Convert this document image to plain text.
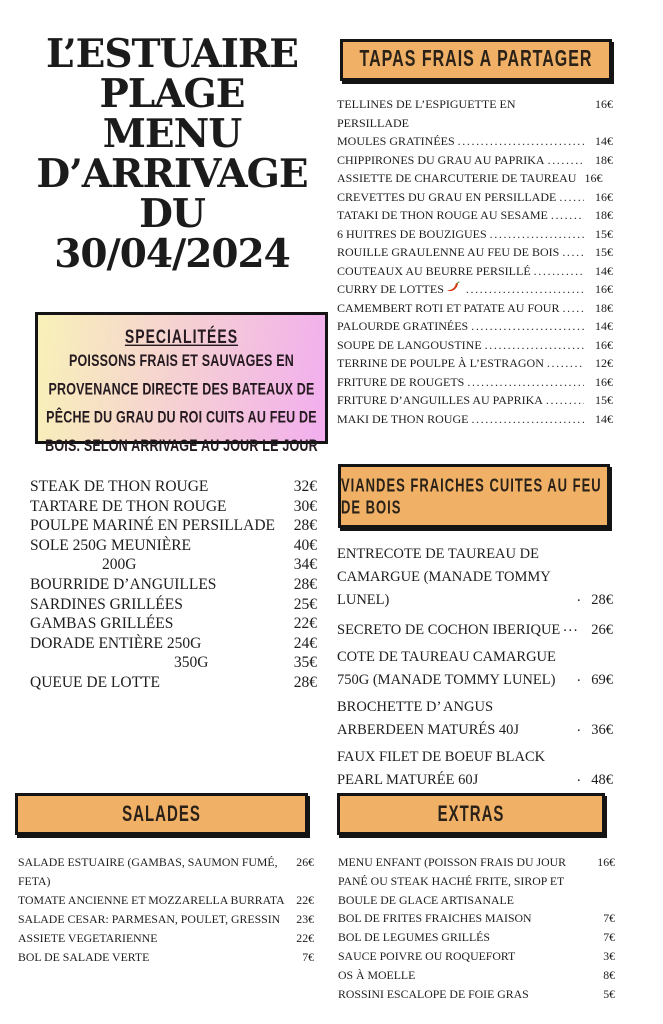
L’ESTUAIRE
PLAGE
MENU
D’ARRIVAGE
DU
30/04/2024
TAPAS FRAIS A PARTAGER
TELLINES DE L’ESPIGUETTE EN PERSILLADE
16€
MOULES GRATINÉES .....	14€
CHIPPIRONES DU GRAU AU PAPRIKA .....	18€
ASSIETTE DE CHARCUTERIE DE TAUREAU 16€
CREVETTES DU GRAU EN PERSILLADE .....	16€
TATAKI DE THON ROUGE AU SESAME .....	18€
6 HUITRES DE BOUZIGUES .....	15€
ROUILLE GRAULENNE AU FEU DE BOIS .....	15€
COUTEAUX AU BEURRE PERSILLÉ .....	14€
CURRY DE LOTTES .....	16€
CAMEMBERT ROTI ET PATATE AU FOUR .....	18€
PALOURDE GRATINÉES .....	14€
SOUPE DE LANGOUSTINE .....	16€
TERRINE DE POULPE À L’ESTRAGON .....	12€
FRITURE DE ROUGETS .....	16€
FRITURE D’ANGUILLES AU PAPRIKA .....	15€
MAKI DE THON ROUGE .....	14€
SPECIALITÉES
POISSONS FRAIS ET SAUVAGES EN PROVENANCE DIRECTE DES BATEAUX DE PÊCHE DU GRAU DU ROI CUITS AU FEU DE BOIS. SELON ARRIVAGE AU JOUR LE JOUR
STEAK DE THON ROUGE	32€
TARTARE DE THON ROUGE	30€
POULPE MARINÉ EN PERSILLADE	28€
SOLE 250G MEUNIÈRE	40€
200G	34€
BOURRIDE D’ANGUILLES	28€
SARDINES GRILLÉES	25€
GAMBAS GRILLÉES	22€
DORADE ENTIÈRE 250G	24€
350G	35€
QUEUE DE LOTTE	28€
VIANDES FRAICHES CUITES AU FEU DE BOIS
ENTRECOTE DE TAUREAU DE CAMARGUE (MANADE TOMMY LUNEL) .....	28€
SECRETO DE COCHON IBERIQUE .....	26€
COTE DE TAUREAU CAMARGUE 750G (MANADE TOMMY LUNEL) .....	69€
BROCHETTE D’ ANGUS ARBERDEEN MATURÉS 40J .....	36€
FAUX FILET DE BOEUF BLACK PEARL MATURÉE 60J .....	48€
SALADES
SALADE ESTUAIRE (GAMBAS, SAUMON FUMÉ, FETA)
26€
TOMATE ANCIENNE ET MOZZARELLA BURRATA 22€
SALADE CESAR: PARMESAN, POULET, GRESSIN	23€
ASSIETE VEGETARIENNE	22€
BOL DE SALADE VERTE	7€
EXTRAS
MENU ENFANT (POISSON FRAIS DU JOUR PANÉ OU STEAK HACHÉ FRITE, SIROP ET BOULE DE GLACE ARTISANALE
16€
BOL DE FRITES FRAICHES MAISON	7€
BOL DE LEGUMES GRILLÉS	7€
SAUCE POIVRE OU ROQUEFORT	3€
OS À MOELLE	8€
ROSSINI ESCALOPE DE FOIE GRAS	5€
